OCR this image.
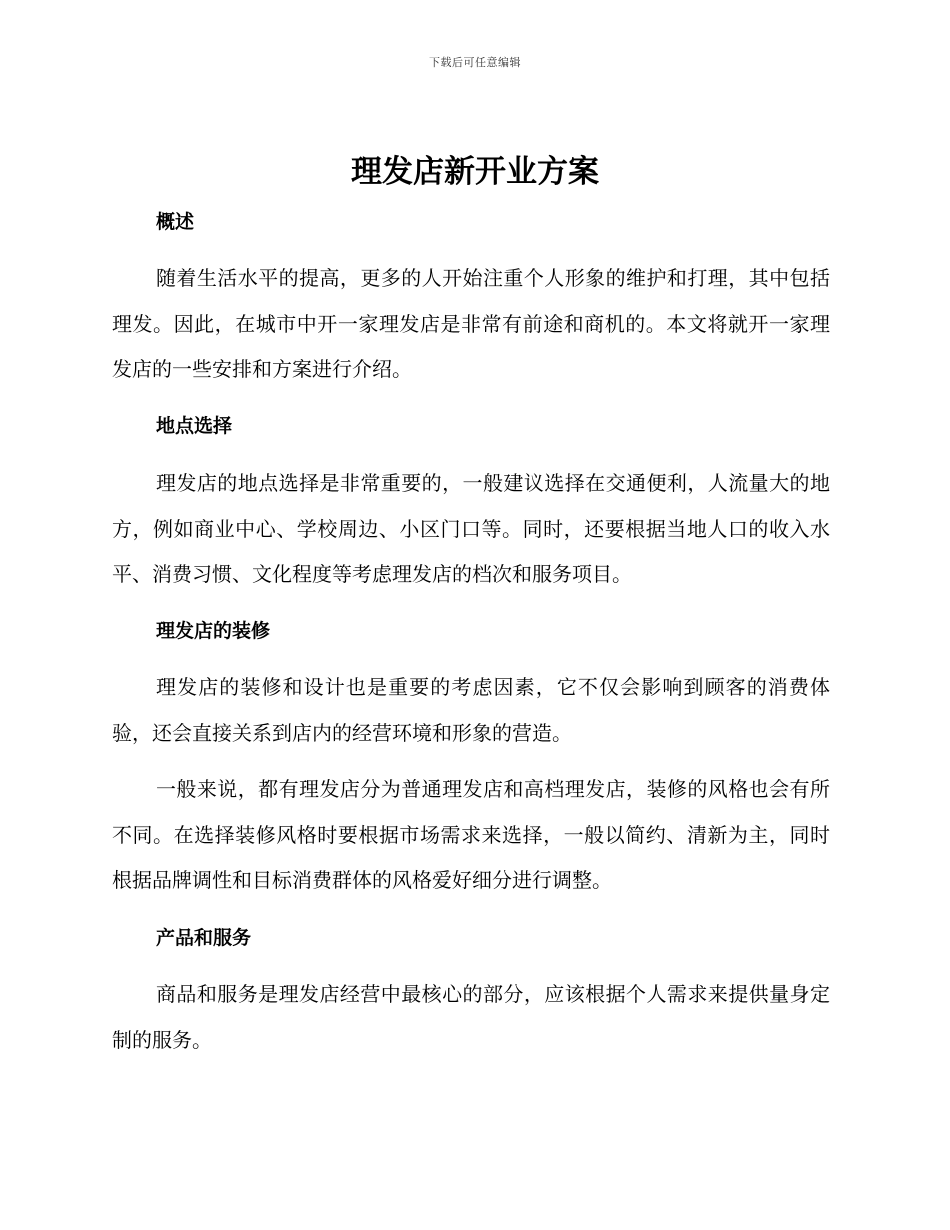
下载后可任意编辑
理发店新开业方案
概述

随着生活水平的提高，更多的人开始注重个人形象的维护和打理，其中包括理发。因此，在城市中开一家理发店是非常有前途和商机的。本文将就开一家理发店的一些安排和方案进行介绍。

地点选择

理发店的地点选择是非常重要的，一般建议选择在交通便利，人流量大的地方，例如商业中心、学校周边、小区门口等。同时，还要根据当地人口的收入水平、消费习惯、文化程度等考虑理发店的档次和服务项目。

理发店的装修

理发店的装修和设计也是重要的考虑因素，它不仅会影响到顾客的消费体验，还会直接关系到店内的经营环境和形象的营造。

一般来说，都有理发店分为普通理发店和高档理发店，装修的风格也会有所不同。在选择装修风格时要根据市场需求来选择，一般以简约、清新为主，同时根据品牌调性和目标消费群体的风格爱好细分进行调整。

产品和服务

商品和服务是理发店经营中最核心的部分，应该根据个人需求来提供量身定制的服务。
